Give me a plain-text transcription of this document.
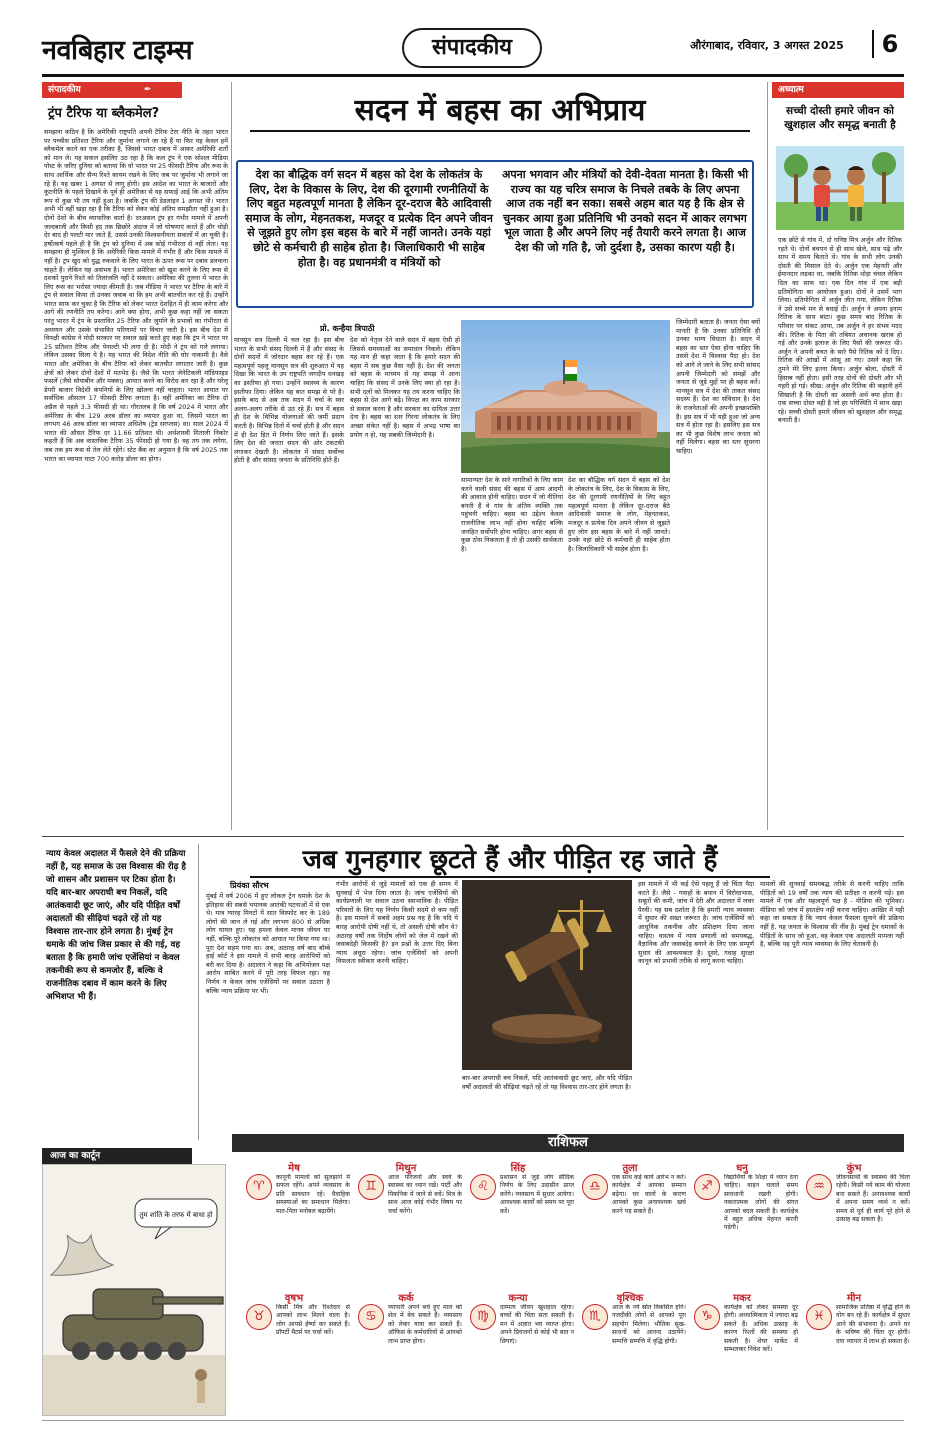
नवबिहार टाइम्स	संपादकीय	औरंगाबाद, रविवार, 3 अगस्त 2025	6
संपादकीय	✒
ट्रंप टैरिफ या ब्लैकमेल?
समझना कठिन है कि अमेरिकी राष्ट्रपति अपनी टैरिफ टेरर नीति के तहत भारत पर पच्चीस प्रतिशत टैरिफ और जुर्माना लगाने जा रहे हैं या फिर यह केवल हमें ब्लैकमेल करने का एक तरीका है, जिससे भारत दबाव में आकर अमेरिकी शर्तों को मान ले। यह सवाल इसलिए उठ रहा है कि कल ट्रंप ने एक सोशल मीडिया पोस्ट के जरिए दुनिया को बताया कि वो भारत पर 25 फीसदी टैरिफ और रूस के साथ आर्थिक और सैन्य रिश्ते कायम रखने के लिए जब पर जुर्माना भी लगाने जा रहे हैं। यह खबर 1 अगस्त से लागू होगी। इस आदेश का भारत के बाजारों और कूटनीति के पहले दिखाने के पूर्व ही अमेरिका से यह सफाई आई कि अभी अंतिम रूप से कुछ भी तय नहीं हुआ है। जबकि ट्रंप की डेडलाइन 1 अगस्त थी। भारत अभी भी वहीं खड़ा रहा है कि टैरिफ को लेकर कोई अंतिम समझौता नहीं हुआ है। दोनों देशों के बीच व्यापारिक वार्ता है। दरअसल ट्रंप हर गंभीर मामले में अपनी जल्दबाजी और किसी हद तक छिछोरे अंदाज में जो घोषणाएं करते हैं और थोड़ी देर बाद ही पलटी मार जाते हैं, उससे उनकी विश्वसनीयता सवालों में आ चुकी है। हर्षोत्कर्ष पहले ही है कि ट्रंप को दुनिया में अब कोई गंभीरता से नहीं लेता। यह समझना ही मुश्किल है कि अमेरिकी किस मामले में गंभीर है और किस मामले में नहीं है। ट्रंप खुद को युद्ध रुकवाने के लिए भारत के ऊपर रूस पर दबाव डलवाना चाहते हैं। लेकिन यह असंभव है। भारत अमेरिका को खुश करने के लिए रूस से दशकों पुराने रिश्ते को तिलांजलि नहीं दे सकता। अमेरिका की तुलना में भारत के लिए रूस का भरोसा ज्यादा कीमती है। जब मीडिया ने भारत पर टैरिफ के बारे में ट्रंप से सवाल किया तो उनका जवाब था कि हम अभी बातचीत कर रहे हैं। उन्होंने भारत साफ कर चुका है कि टैरिफ को लेकर भारत देशहित में ही काम करेगा और आगे की रणनीति तय करेगा। आगे क्या होगा, अभी कुछ कहा नहीं जा सकता परंतु भारत में ट्रंप के प्रस्तावित 25 टैरिफ और जुर्माने के प्रभावों का गंभीरता से अध्ययन और उसके संभावित परिणामों पर विचार जारी है। इस बीच देश में विपक्षी कांग्रेस ने मोदी सरकार पर सवाल खड़े करते हुए कहा कि ट्रंप ने भारत पर 25 प्रतिशत टैरिफ और पेनाल्टी भी लगा दी है। मोदी ने ट्रंप को गले लगाया। लेकिन उसका सिला ये है। यह भारत की विदेश नीति की घोर नाकामी है। वैसे भारत और अमेरिका के बीच टैरिफ को लेकर बातचीत लगातार जारी है। कुछ क्षेत्रों को लेकर दोनों देशों में मतभेद है। जैसे कि भारत जेनेटिकली मॉडिफाइड फसलें (जैसे सोयाबीन और मक्का) आयात करने का विरोध कर रहा है और घरेलू डेयरी बाजार विदेशी कंपनियों के लिए खोलना नहीं चाहता। भारत आयात पर सर्वाधिक औसतन 17 फीसदी टैरिफ लगाता है। वहीं अमेरिका का टैरिफ दो अप्रैल से पहले 3.3 फीसदी ही था। गौरतलब है कि वर्ष 2024 में भारत और अमेरिका के बीच 129 अरब डॉलर का व्यापार हुआ था, जिसमें भारत का लगभग 46 अरब डॉलर का व्यापार अधिशेष (ट्रेड सरप्लस) था। साल 2024 में भारत की औसत टैरिफ दर 11.66 प्रतिशत थी। अर्थशास्त्री मिताली निकोर कहती हैं कि अब वास्तविक टैरिफ 35 फीसदी हो गया है। वह तय तक लगेगा, जब तक हम रूस से तेल लेते रहेंगे। स्टेट बैंक का अनुमान है कि वर्ष 2025 तक भारत का व्यापार घाटा 700 करोड़ डॉलर का होगा।
सदन में बहस का अभिप्राय
देश का बौद्धिक वर्ग सदन में बहस को देश के लोकतंत्र के लिए, देश के विकास के लिए, देश की दूरगामी रणनीतियों के लिए बहुत महत्वपूर्ण मानता है लेकिन दूर-दराज बैठे आदिवासी समाज के लोग, मेहनतकश, मजदूर व प्रत्येक दिन अपने जीवन से जूझते हुए लोग इस बहस के बारे में नहीं जानते। उनके यहां छोटे से कर्मचारी ही साहेब होता है। जिलाधिकारी भी साहेब होता है। वह प्रधानमंत्री व मंत्रियों को
अपना भगवान और मंत्रियों को देवी-देवता मानता है। किसी भी राज्य का यह चरित्र समाज के निचले तबके के लिए अपना आज तक नहीं बन सका। सबसे अहम बात यह है कि क्षेत्र से चुनकर आया हुआ प्रतिनिधि भी उनको सदन में आकर लगभग भूल जाता है और अपने लिए नई तैयारी करने लगता है। आज देश की जो गति है, जो दुर्दशा है, उसका कारण यही है।
प्रो. कन्हैया त्रिपाठी
मानसून सत्र दिल्ली में चल रहा है। इस बीच भारत के सभी संसद दिल्ली में हैं और संसद के दोनों सदनों में जोरदार बहस कर रहे हैं। एक महत्वपूर्ण पहलू मानसून सत्र की शुरुआत में यह दिखा कि भारत के उप राष्ट्रपति जगदीप धनखड़ का इस्तीफा हो गया। उन्होंने स्वास्थ्य के कारण इस्तीफा दिया। लेकिन यह बात समझ से परे है। इसके बाद से अब तक सदन में चर्चा के स्वर अलग-अलग तरीके से उठ रहे हैं। सत्र में बहस ही देश के विभिन्न योजनाओं की जमीं प्रदान करती है। विभिन्न दिनों में चर्चा होती है और सदन में ही देश हित में निर्णय लिए जाते हैं। इसके लिए देश की जनता सदन की ओर टकटकी लगाकर देखती है। लोकतंत्र में संसद सर्वोच्च होती है और सांसद जनता के प्रतिनिधि होते हैं।
देश को नेतृत्व देने वाले सदन में बहस ऐसी हो जिससे समस्याओं का समाधान निकले। लेकिन यह मान ही कहा जाता है कि हमारे सदन की बहस में सब कुछ वैसा नहीं है। देश की जनता को बहस के माध्यम से यह समझ में आना चाहिए कि संसद में उनके लिए क्या हो रहा है। सभी दलों को मिलकर यह तय करना चाहिए कि बहस से देश आगे बढ़े। विपक्ष का काम सरकार से सवाल करना है और सरकार का दायित्व उत्तर देना है। बहस का स्तर गिरना लोकतंत्र के लिए अच्छा संकेत नहीं है। बहस में अभद्र भाषा का प्रयोग न हो, यह सबकी जिम्मेदारी है।
सामान्यतः देश के सारे नागरिकों के लिए काम करने वाली संसद की बहस में आम आदमी की आवाज होनी चाहिए। सदन में जो नीतियां बनती हैं वे गांव के अंतिम व्यक्ति तक पहुंचनी चाहिए। बहस का उद्देश्य केवल राजनीतिक लाभ नहीं होना चाहिए बल्कि जनहित सर्वोपरि होना चाहिए। अगर बहस से कुछ ठोस निकलता है तो ही उसकी सार्थकता है।
देश का बौद्धिक वर्ग सदन में बहस को देश के लोकतंत्र के लिए, देश के विकास के लिए, देश की दूरगामी रणनीतियों के लिए बहुत महत्वपूर्ण मानता है लेकिन दूर-दराज बैठे आदिवासी समाज के लोग, मेहनतकश, मजदूर व प्रत्येक दिन अपने जीवन से जूझते हुए लोग इस बहस के बारे में नहीं जानते। उनके यहां छोटे से कर्मचारी ही साहेब होता है। जिलाधिकारी भी साहेब होता है।
जिम्मेदारी बताता है। जनता ऐसा क्यों मानती है कि उनका प्रतिनिधि ही उनका भाग्य विधाता है। सदन में बहस का स्तर ऐसा होना चाहिए कि उससे देश में विश्वास पैदा हो। देश को आगे ले जाने के लिए सभी सांसद अपनी जिम्मेदारी को समझें और जनता से जुड़े मुद्दों पर ही बहस करें। मानसून सत्र में देश की ताकत संसद सदस्य हैं। देश का संविधान है। देश के राजनेताओं की अपनी इच्छाशक्ति है। इस सत्र में भी यही हुआ जो अन्य सत्र में होता रहा है। इसलिए इस सत्र का भी कुछ विशेष लाभ जनता को नहीं मिलेगा। बहस का स्तर सुधरना चाहिए।
अध्यात्म
सच्ची दोस्ती हमारे जीवन को खुशहाल और समृद्ध बनाती है
एक छोटे से गांव में, दो घनिष्ठ मित्र अर्जुन और रितिक रहते थे। दोनों बचपन से ही साथ खेले, साथ पढ़े और साथ में समय बिताते थे। गांव के सभी लोग उनकी दोस्ती की मिसाल देते थे। अर्जुन एक मेहनती और ईमानदार लड़का था, जबकि रितिक थोड़ा चंचल लेकिन दिल का साफ था। एक दिन गांव में एक बड़ी प्रतियोगिता का आयोजन हुआ। दोनों ने उसमें भाग लिया। प्रतियोगिता में अर्जुन जीत गया, लेकिन रितिक ने उसे सच्चे मन से बधाई दी। अर्जुन ने अपना इनाम रितिक के साथ बांटा। कुछ समय बाद रितिक के परिवार पर संकट आया, तब अर्जुन ने हर संभव मदद की। रितिक के पिता की तबियत अचानक खराब हो गई और उनके इलाज के लिए पैसों की जरूरत थी। अर्जुन ने अपनी बचत के सारे पैसे रितिक को दे दिए। रितिक की आंखों में आंसू आ गए। उसने कहा कि तुमने मेरे लिए इतना किया। अर्जुन बोला, दोस्ती में हिसाब नहीं होता। इसी तरह दोनों की दोस्ती और भी गहरी हो गई। सीख: अर्जुन और रितिक की कहानी हमें सिखाती है कि दोस्ती का असली अर्थ क्या होता है। एक सच्चा दोस्त वही है जो हर परिस्थिति में साथ खड़ा रहे। सच्ची दोस्ती हमारे जीवन को खुशहाल और समृद्ध बनाती है।
न्याय केवल अदालत में फैसले देने की प्रक्रिया नहीं है, यह समाज के उस विश्वास की रीढ़ है जो शासन और प्रशासन पर टिका होता है। यदि बार-बार अपराधी बच निकलें, यदि आतंकवादी छूट जाएं, और यदि पीड़ित वर्षों अदालतों की सीढ़ियां चढ़ते रहें तो यह विश्वास तार-तार होने लगता है। मुंबई ट्रेन धमाके की जांच जिस प्रकार से की गई, वह बताता है कि हमारी जांच एजेंसियां न केवल तकनीकी रूप से कमजोर हैं, बल्कि वे राजनीतिक दबाव में काम करने के लिए अभिशप्त भी हैं।
जब गुनहगार छूटते हैं और पीड़ित रह जाते हैं
प्रियंका सौरभ
मुंबई में वर्ष 2006 में हुए लोकल ट्रेन धमाके देश के इतिहास की सबसे भयानक आतंकी घटनाओं में से एक थे। मात्र ग्यारह मिनटों में सात विस्फोट कर के 189 लोगों की जान ले गई और लगभग 800 से अधिक लोग घायल हुए। यह हमला केवल मानव जीवन पर नहीं, बल्कि पूरे लोकतंत्र को आघात पर किया गया था। पूरा देश सहम गया था। अब, अठारह वर्ष बाद बॉम्बे हाई कोर्ट ने इस मामले में सभी बारह आरोपियों को बरी कर दिया है। अदालत ने कहा कि अभियोजन पक्ष आरोप साबित करने में पूरी तरह विफल रहा। यह निर्णय न केवल जांच एजेंसियों पर सवाल उठाता है बल्कि न्याय प्रक्रिया पर भी।
गंभीर आरोपों से जुड़े मामलों को एक ही समय में सुनवाई में भेज दिया जाता है। जांच एजेंसियों की कार्यप्रणाली पर सवाल उठना स्वाभाविक है। पीड़ित परिवारों के लिए यह निर्णय किसी सदमे से कम नहीं है। इस मामले में सबसे अहम प्रश्न यह है कि यदि ये बारह आरोपी दोषी नहीं थे, तो असली दोषी कौन थे? अठारह वर्षों तक निर्दोष लोगों को जेल में रखने की जवाबदेही किसकी है? इन प्रश्नों के उत्तर दिए बिना न्याय अधूरा रहेगा। जांच एजेंसियों को अपनी विफलता स्वीकार करनी चाहिए।
बार-बार अपराधी बच निकलें, यदि आतंकवादी छूट जाएं, और यदि पीड़ित वर्षों अदालतों की सीढ़ियां चढ़ते रहें तो यह विश्वास तार-तार होने लगता है।
इस मामले में भी कई ऐसे पहलू हैं जो चिंता पैदा करते हैं। जैसे - गवाहों के बयान में विरोधाभास, सबूतों की कमी, जांच में देरी और अदालत में लचर पैरवी। यह सब दर्शाता है कि हमारी न्याय व्यवस्था में सुधार की सख्त जरूरत है। जांच एजेंसियों को आधुनिक तकनीक और प्रशिक्षण दिया जाना चाहिए। वास्तव में न्याय प्रणाली को समयबद्ध, वैज्ञानिक और जवाबदेह बनाने के लिए एक सम्पूर्ण सुधार की आवश्यकता है। दूसरे, गवाह सुरक्षा कानून को प्रभावी तरीके से लागू करना चाहिए।
मामलों की सुनवाई समयबद्ध तरीके से करनी चाहिए ताकि पीड़ितों को 19 वर्षों तक न्याय की प्रतीक्षा न करनी पड़े। इस मामले में एक और महत्वपूर्ण पक्ष है - मीडिया की भूमिका। मीडिया को जांच में हस्तक्षेप नहीं करना चाहिए। आखिर में यही कहा जा सकता है कि न्याय केवल फैसला सुनाने की प्रक्रिया नहीं है, यह जनता के विश्वास की नींव है। मुंबई ट्रेन धमाकों के पीड़ितों के साथ जो हुआ, वह केवल एक अदालती मामला नहीं है, बल्कि यह पूरी न्याय व्यवस्था के लिए चेतावनी है।
आज का कार्टून
तुम शांति के तरफ में बाधा हो
राशिफल
मेष
♈
कानूनी मामलों को सुलझाने में सफल रहेंगे। अपने व्यवसाय के प्रति सावधान रहें। वैवाहिक समस्याओं का समाधान मिलेगा। मात-पिता मनोबल बढ़ायेंगे।
मिथुन
♊
आज परिजनों और स्वयं के स्वास्थ्य का ध्यान रखें। पार्टी और पिकनिक में जाने से बचें। मित्र के साथ आज कोई गंभीर विषय पर चर्चा करेंगे।
सिंह
♌
प्रशासन से जुड़े लोग सौदिक निर्णय के लिए उदासीन प्राप्त करेंगे। व्यवसाय में सुधार आयेगा। आवश्यक कार्यों को समय पर पूरा करें।
तुला
♎
एक साथ कई कार्य आरंभ न करें। कार्यक्षेत्र में आपका सम्मान बढ़ेगा। घर वालों के कारण आपको कुछ अनावश्यक खर्च करने पड़ सकते हैं।
धनु
♐
विद्यार्थियों के शिक्षा में ध्यान देना चाहिए। वाहन चलाते समय सावधानी रखनी होगी। नकारात्मक लोगों की संगत आपको बदल सकती है। कार्यक्षेत्र में बहुत अधिक मेहनत करनी पड़ेगी।
कुंभ
♒
जीवनसाथी के स्वास्थ्य की चिंता रहेगी। किसी नये काम की योजना बना सकते हैं। अनावश्यक कार्यों में अपना समय व्यर्थ न करें। समय से पूर्व ही कार्य पूरे होने से उत्साह बढ़ सकता है।
वृषभ
♉
किसी मित्र और रिश्तेदार से आपको लाभ मिलने वाला है। लोग आपसे ईर्ष्या कर सकते हैं। प्रॉपर्टी मैटर्स पर चर्चा करें।
कर्क
♋
व्यापारी अपने बचे हुए माल को सेल में बेच सकते हैं। व्यवसाय को लेकर यात्रा कर सकते हैं। ऑफिस के कर्मचारियों से आपको लाभ प्राप्त होगा।
कन्या
♍
दाम्पत्य जीवन खुशहाल रहेगा। बच्चों की चिंता सता सकती है। मन में अज्ञात भय व्याप्त होगा। अपने प्रियजनों से कोई भी बात न छिपाएं।
वृश्चिक
♏
आज के नये स्रोत विकसित होंगे। नजदीकी लोगों से आपको पूरा सहयोग मिलेगा। भौतिक सुख-साधनों को आनन्द उठायेंगे। सम्पत्ति सम्पत्ति में वृद्धि होगी।
मकर
♑
कार्यक्षेत्र को लेकर समस्या दूर होगी। अध्यात्मिकता में ज्यादा बढ़ सकते हैं। अधिक उत्साह के कारण रिश्तों की समस्या हो सकती है। शेयर मार्केट में सम्भलकर निवेश करें।
मीन
♓
सामाजिक प्रतिष्ठा में वृद्धि होने के योग बन रहे हैं। कार्यक्षेत्र में सुधार आने की संभावना है। अपने घर के भविष्य की चिंता दूर होगी। दया व्यापार में लाभ हो सकता है।
